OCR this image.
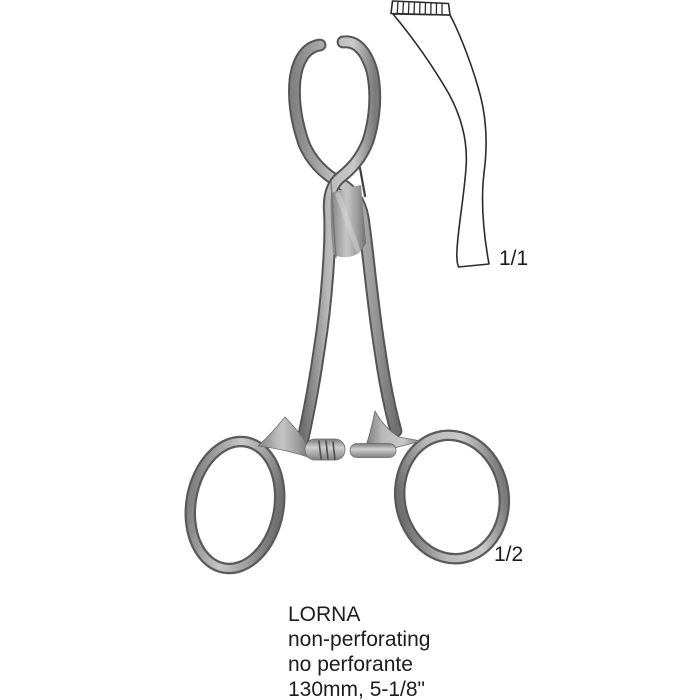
1/1
1/2
LORNA
non-perforating
no perforante
130mm, 5-1/8"
